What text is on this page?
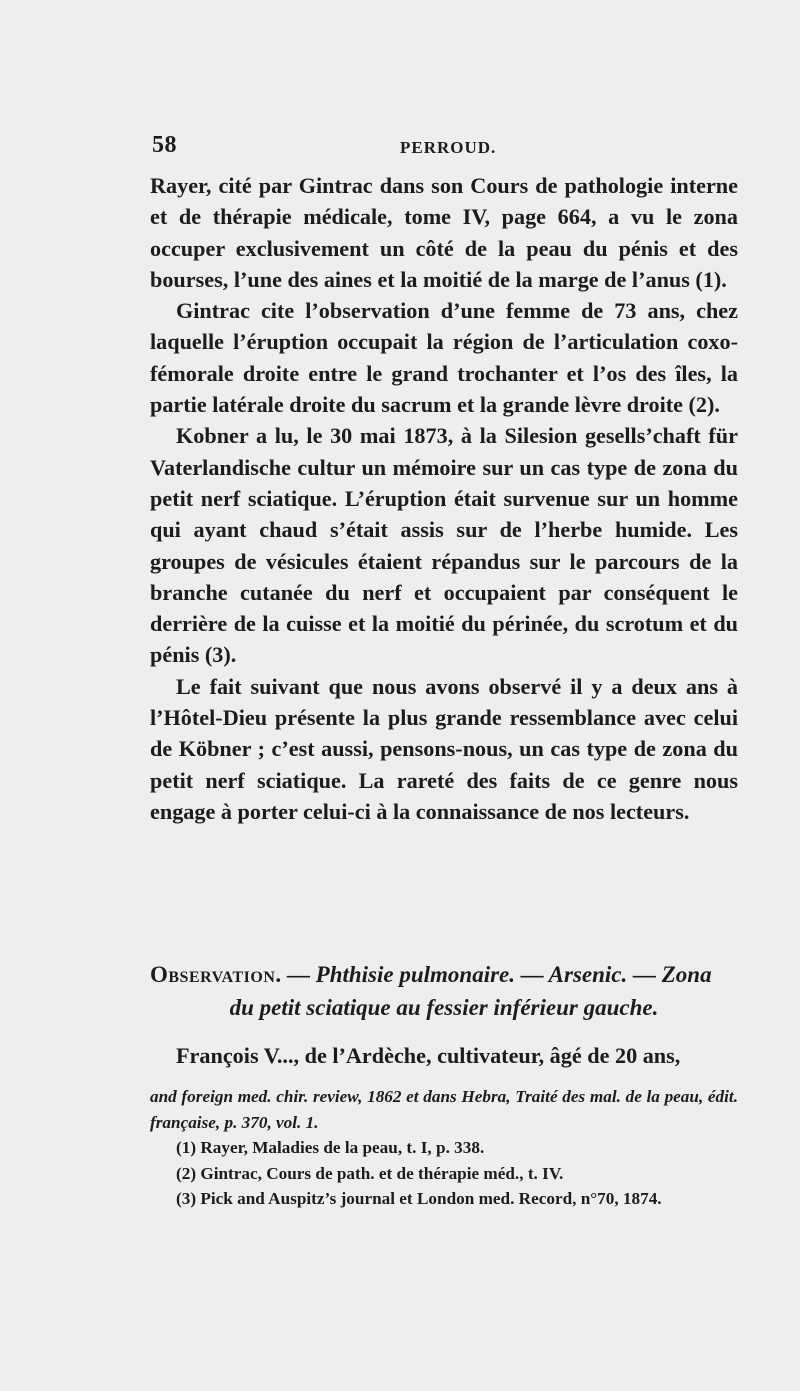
58	PERROUD.

Rayer, cité par Gintrac dans son Cours de pathologie interne et de thérapie médicale, tome IV, page 664, a vu le zona occuper exclusivement un côté de la peau du pénis et des bourses, l’une des aines et la moitié de la marge de l’anus (1).

Gintrac cite l’observation d’une femme de 73 ans, chez laquelle l’éruption occupait la région de l’articulation coxo-fémorale droite entre le grand trochanter et l’os des îles, la partie latérale droite du sacrum et la grande lèvre droite (2).

Kobner a lu, le 30 mai 1873, à la Silesion gesells’chaft für Vaterlandische cultur un mémoire sur un cas type de zona du petit nerf sciatique. L’éruption était survenue sur un homme qui ayant chaud s’était assis sur de l’herbe humide. Les groupes de vésicules étaient répandus sur le parcours de la branche cutanée du nerf et occupaient par conséquent le derrière de la cuisse et la moitié du périnée, du scrotum et du pénis (3).

Le fait suivant que nous avons observé il y a deux ans à l’Hôtel-Dieu présente la plus grande ressemblance avec celui de Köbner ; c’est aussi, pensons-nous, un cas type de zona du petit nerf sciatique. La rareté des faits de ce genre nous engage à porter celui-ci à la connaissance de nos lecteurs.

Observation. — Phthisie pulmonaire. — Arsenic. — Zona
du petit sciatique au fessier inférieur gauche.
François V..., de l’Ardèche, cultivateur, âgé de 20 ans,

and foreign med. chir. review, 1862 et dans Hebra, Traité des mal. de la peau, édit. française, p. 370, vol. 1.

(1) Rayer, Maladies de la peau, t. I, p. 338.

(2) Gintrac, Cours de path. et de thérapie méd., t. IV.

(3) Pick and Auspitz’s journal et London med. Record, n°70, 1874.
